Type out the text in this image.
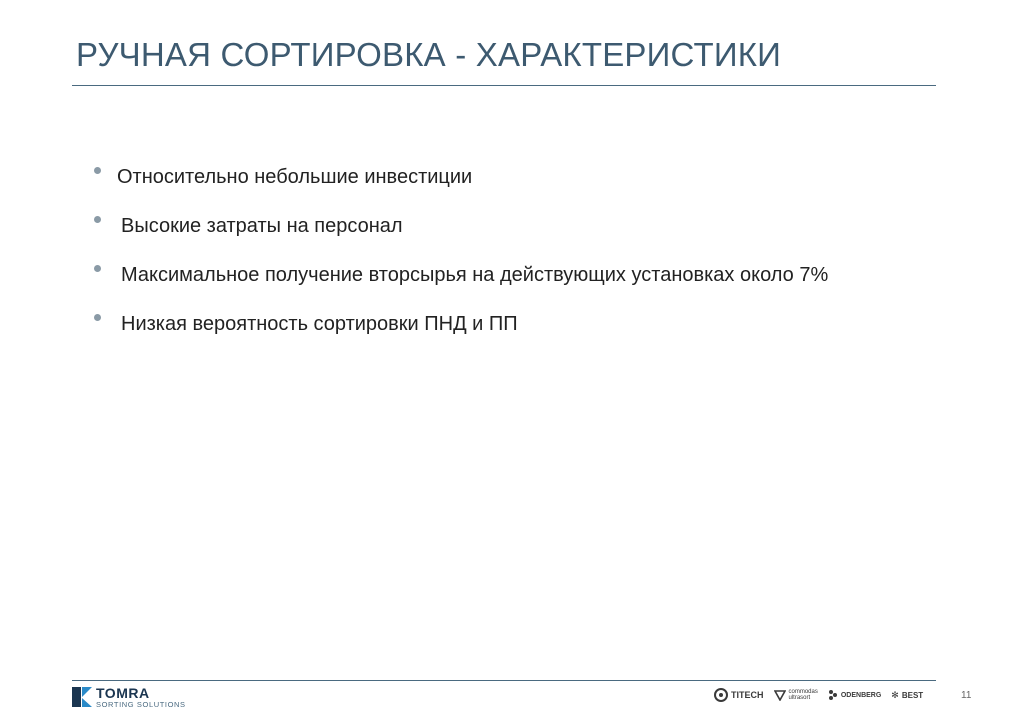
РУЧНАЯ СОРТИРОВКА - ХАРАКТЕРИСТИКИ
Относительно небольшие инвестиции
Высокие затраты на персонал
Максимальное получение вторсырья на действующих установках около 7%
Низкая вероятность сортировки ПНД и ПП
TOMRA
SORTING SOLUTIONS
TITECH	commodas
ultrasort	ODENBERG ✻ BEST	11
